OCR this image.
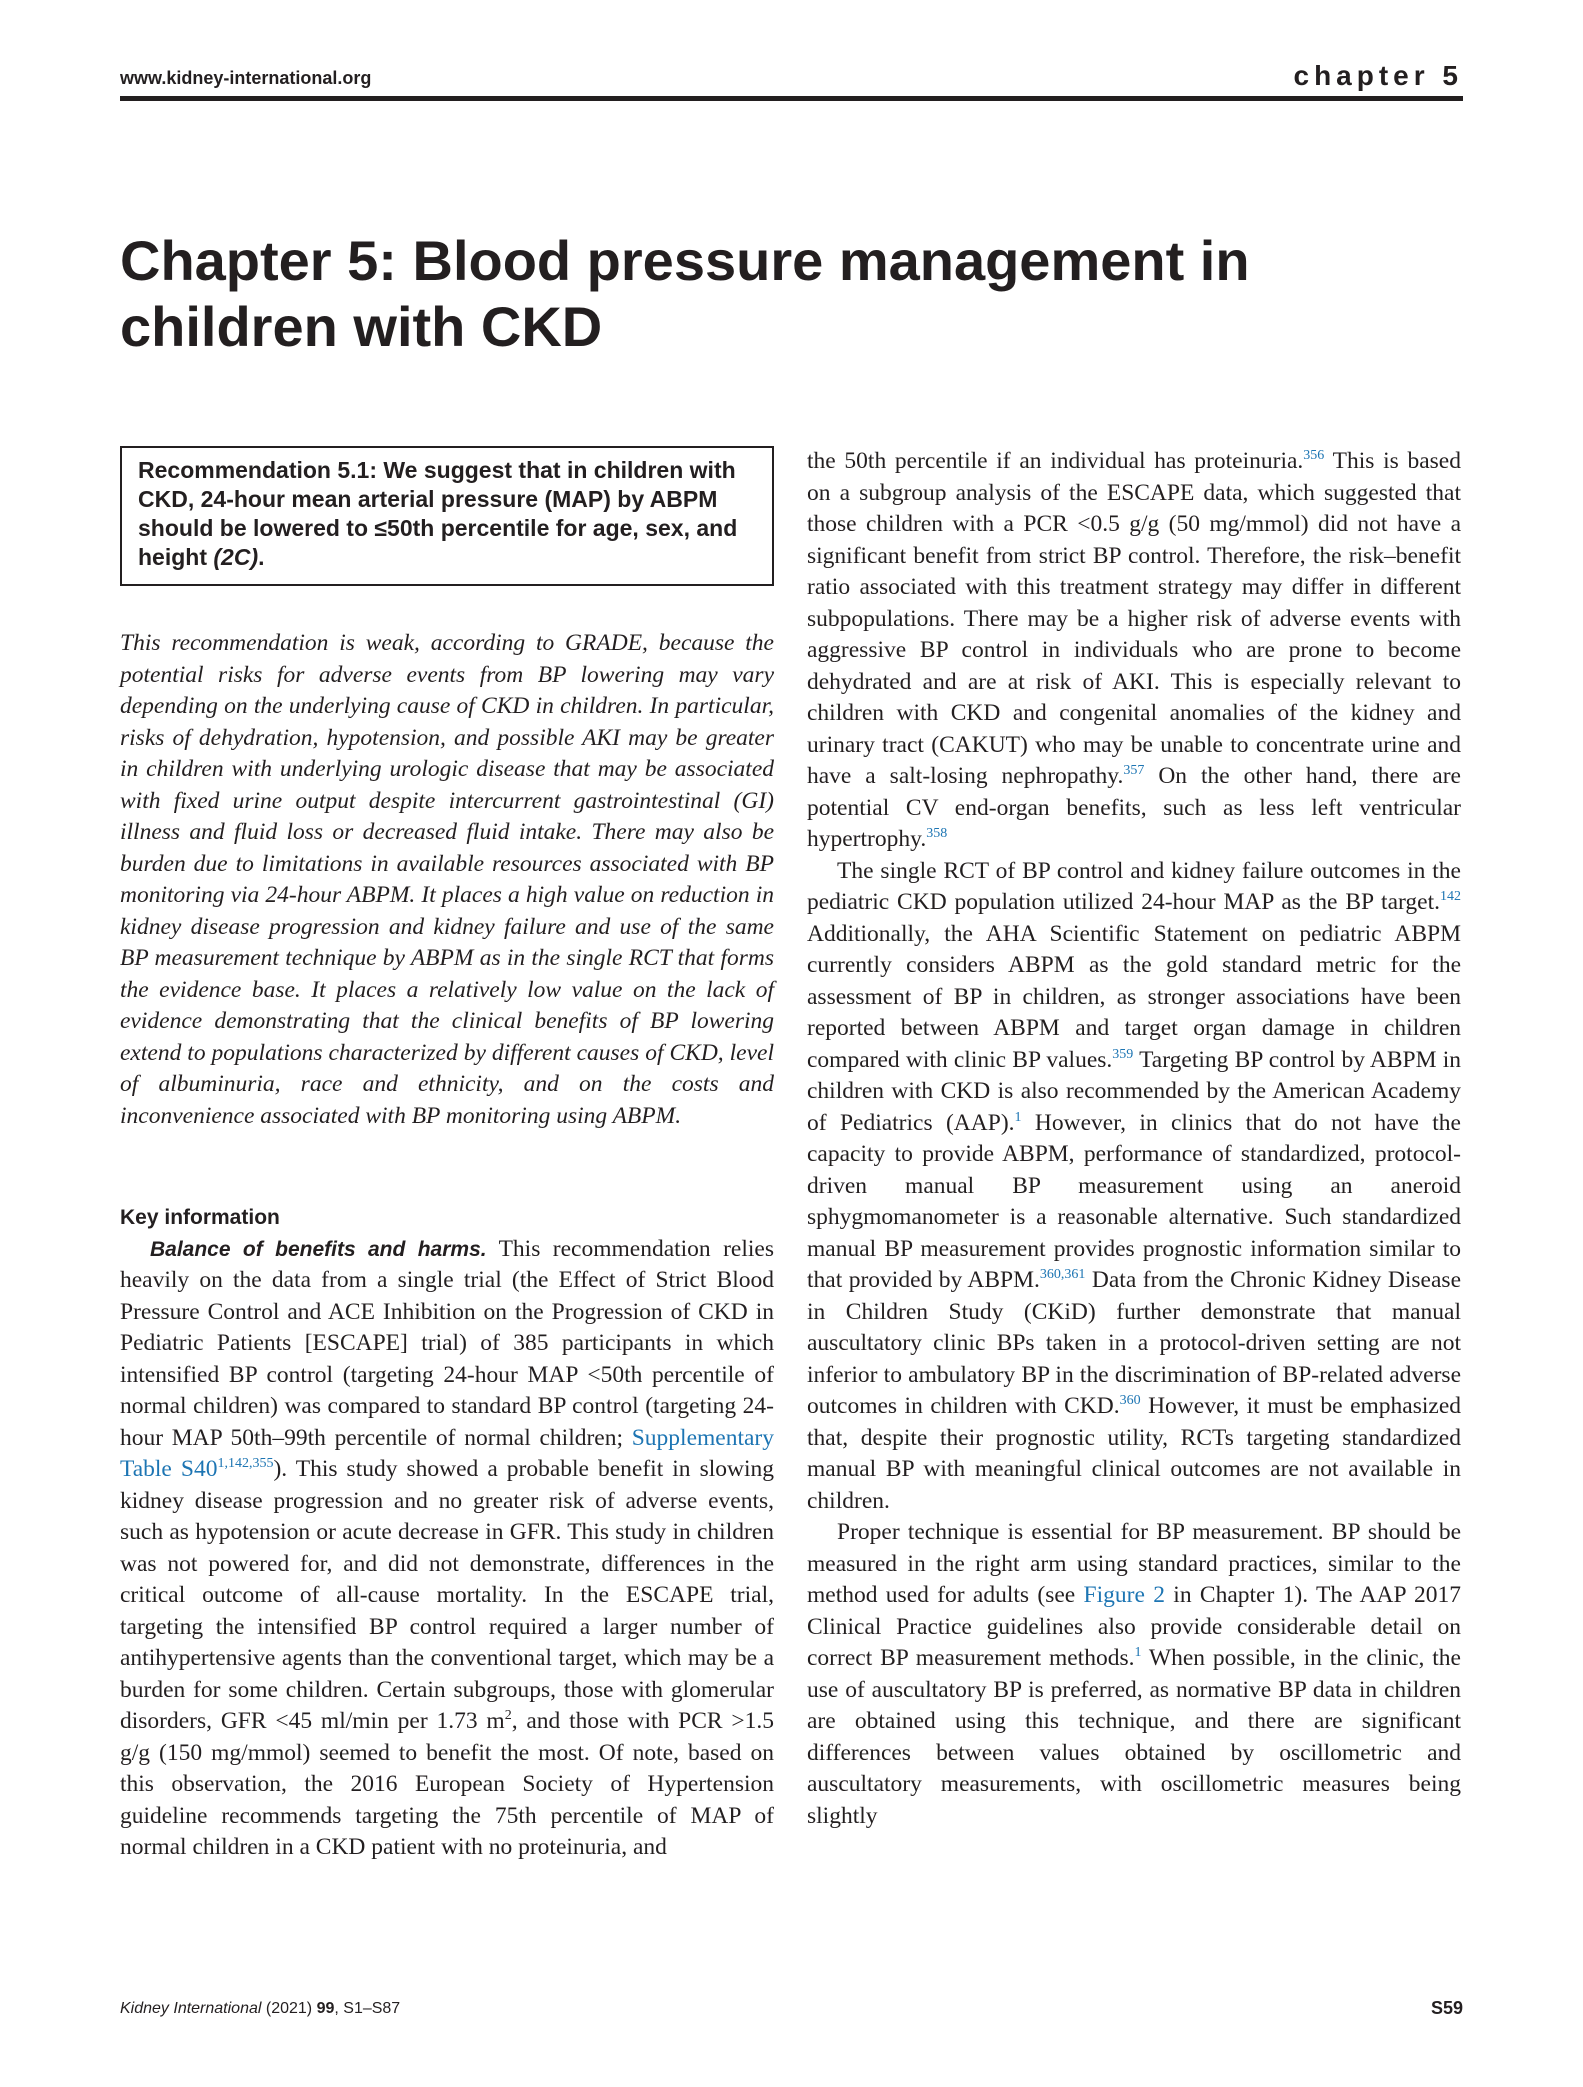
www.kidney-international.org	chapter 5
Chapter 5: Blood pressure management in children with CKD

Recommendation 5.1: We suggest that in children with CKD, 24-hour mean arterial pressure (MAP) by ABPM should be lowered to ≤50th percentile for age, sex, and height (2C).

This recommendation is weak, according to GRADE, because the potential risks for adverse events from BP lowering may vary depending on the underlying cause of CKD in children. In particular, risks of dehydration, hypotension, and possible AKI may be greater in children with underlying urologic disease that may be associated with fixed urine output despite intercurrent gastrointestinal (GI) illness and fluid loss or decreased fluid intake. There may also be burden due to limitations in available resources associated with BP monitoring via 24-hour ABPM. It places a high value on reduction in kidney disease progression and kidney failure and use of the same BP measurement technique by ABPM as in the single RCT that forms the evidence base. It places a relatively low value on the lack of evidence demonstrating that the clinical benefits of BP lowering extend to populations characterized by different causes of CKD, level of albuminuria, race and ethnicity, and on the costs and inconvenience associated with BP monitoring using ABPM.

Key information

Balance of benefits and harms. This recommendation relies heavily on the data from a single trial (the Effect of Strict Blood Pressure Control and ACE Inhibition on the Progression of CKD in Pediatric Patients [ESCAPE] trial) of 385 participants in which intensified BP control (targeting 24-hour MAP <50th percentile of normal children) was compared to standard BP control (targeting 24-hour MAP 50th–99th percentile of normal children; Supplementary Table S40$^{1,142,355}$). This study showed a probable benefit in slowing kidney disease progression and no greater risk of adverse events, such as hypotension or acute decrease in GFR. This study in children was not powered for, and did not demonstrate, differences in the critical outcome of all-cause mortality. In the ESCAPE trial, targeting the intensified BP control required a larger number of antihypertensive agents than the conventional target, which may be a burden for some children. Certain subgroups, those with glomerular disorders, GFR <45 ml/min per 1.73 $m^2$, and those with PCR >1.5 g/g (150 mg/mmol) seemed to benefit the most. Of note, based on this observation, the 2016 European Society of Hypertension guideline recommends targeting the 75th percentile of MAP of normal children in a CKD patient with no proteinuria, and

the 50th percentile if an individual has proteinuria.$^{356}$ This is based on a subgroup analysis of the ESCAPE data, which suggested that those children with a PCR <0.5 g/g (50 mg/mmol) did not have a significant benefit from strict BP control. Therefore, the risk–benefit ratio associated with this treatment strategy may differ in different subpopulations. There may be a higher risk of adverse events with aggressive BP control in individuals who are prone to become dehydrated and are at risk of AKI. This is especially relevant to children with CKD and congenital anomalies of the kidney and urinary tract (CAKUT) who may be unable to concentrate urine and have a salt-losing nephropathy.$^{357}$ On the other hand, there are potential CV end-organ benefits, such as less left ventricular hypertrophy.$^{358}$

The single RCT of BP control and kidney failure outcomes in the pediatric CKD population utilized 24-hour MAP as the BP target.$^{142}$ Additionally, the AHA Scientific Statement on pediatric ABPM currently considers ABPM as the gold standard metric for the assessment of BP in children, as stronger associations have been reported between ABPM and target organ damage in children compared with clinic BP values.$^{359}$ Targeting BP control by ABPM in children with CKD is also recommended by the American Academy of Pediatrics (AAP).$^1$ However, in clinics that do not have the capacity to provide ABPM, performance of standardized, protocol-driven manual BP measurement using an aneroid sphygmomanometer is a reasonable alternative. Such standardized manual BP measurement provides prognostic information similar to that provided by ABPM.$^{360,361}$ Data from the Chronic Kidney Disease in Children Study (CKiD) further demonstrate that manual auscultatory clinic BPs taken in a protocol-driven setting are not inferior to ambulatory BP in the discrimination of BP-related adverse outcomes in children with CKD.$^{360}$ However, it must be emphasized that, despite their prognostic utility, RCTs targeting standardized manual BP with meaningful clinical outcomes are not available in children.

Proper technique is essential for BP measurement. BP should be measured in the right arm using standard practices, similar to the method used for adults (see Figure 2 in Chapter 1). The AAP 2017 Clinical Practice guidelines also provide considerable detail on correct BP measurement methods.$^1$ When possible, in the clinic, the use of auscultatory BP is preferred, as normative BP data in children are obtained using this technique, and there are significant differences between values obtained by oscillometric and auscultatory measurements, with oscillometric measures being slightly

Kidney International (2021) 99, S1–S87	S59
